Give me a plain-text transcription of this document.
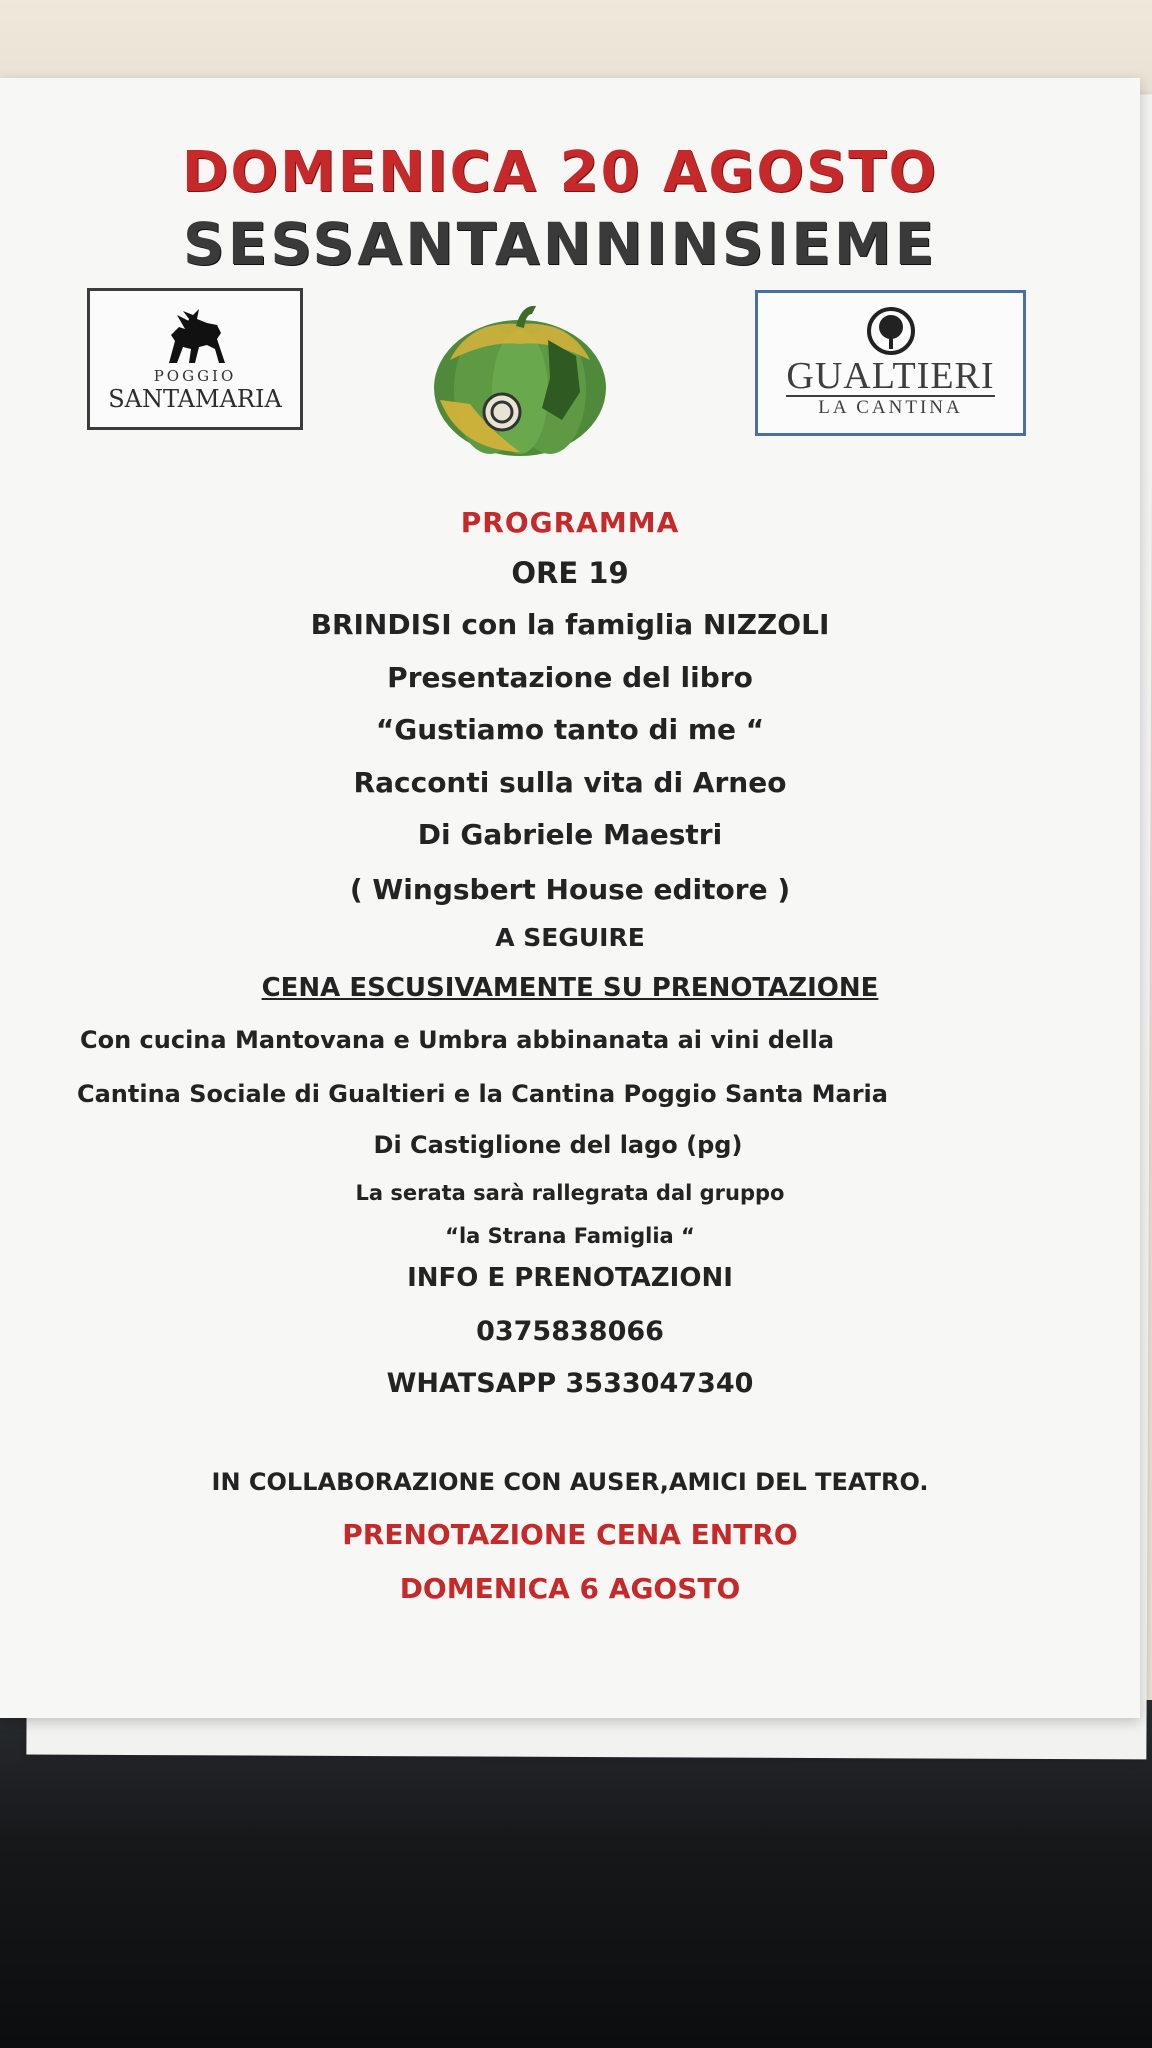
DOMENICA 20 AGOSTO
SESSANTANNINSIEME
POGGIO
SANTAMARIA
GUALTIERI
LA CANTINA
PROGRAMMA
ORE 19
BRINDISI con la famiglia NIZZOLI
Presentazione del libro
“Gustiamo tanto di me “
Racconti sulla vita di Arneo
Di Gabriele Maestri
( Wingsbert House editore )
A SEGUIRE
CENA ESCUSIVAMENTE SU PRENOTAZIONE
Con cucina Mantovana e Umbra abbinanata ai vini della
Cantina Sociale di Gualtieri e la Cantina Poggio Santa Maria
Di Castiglione del lago (pg)
La serata sarà rallegrata dal gruppo
“la Strana Famiglia “
INFO E PRENOTAZIONI
0375838066
WHATSAPP 3533047340
IN COLLABORAZIONE CON AUSER,AMICI DEL TEATRO.
PRENOTAZIONE CENA ENTRO
DOMENICA 6 AGOSTO
